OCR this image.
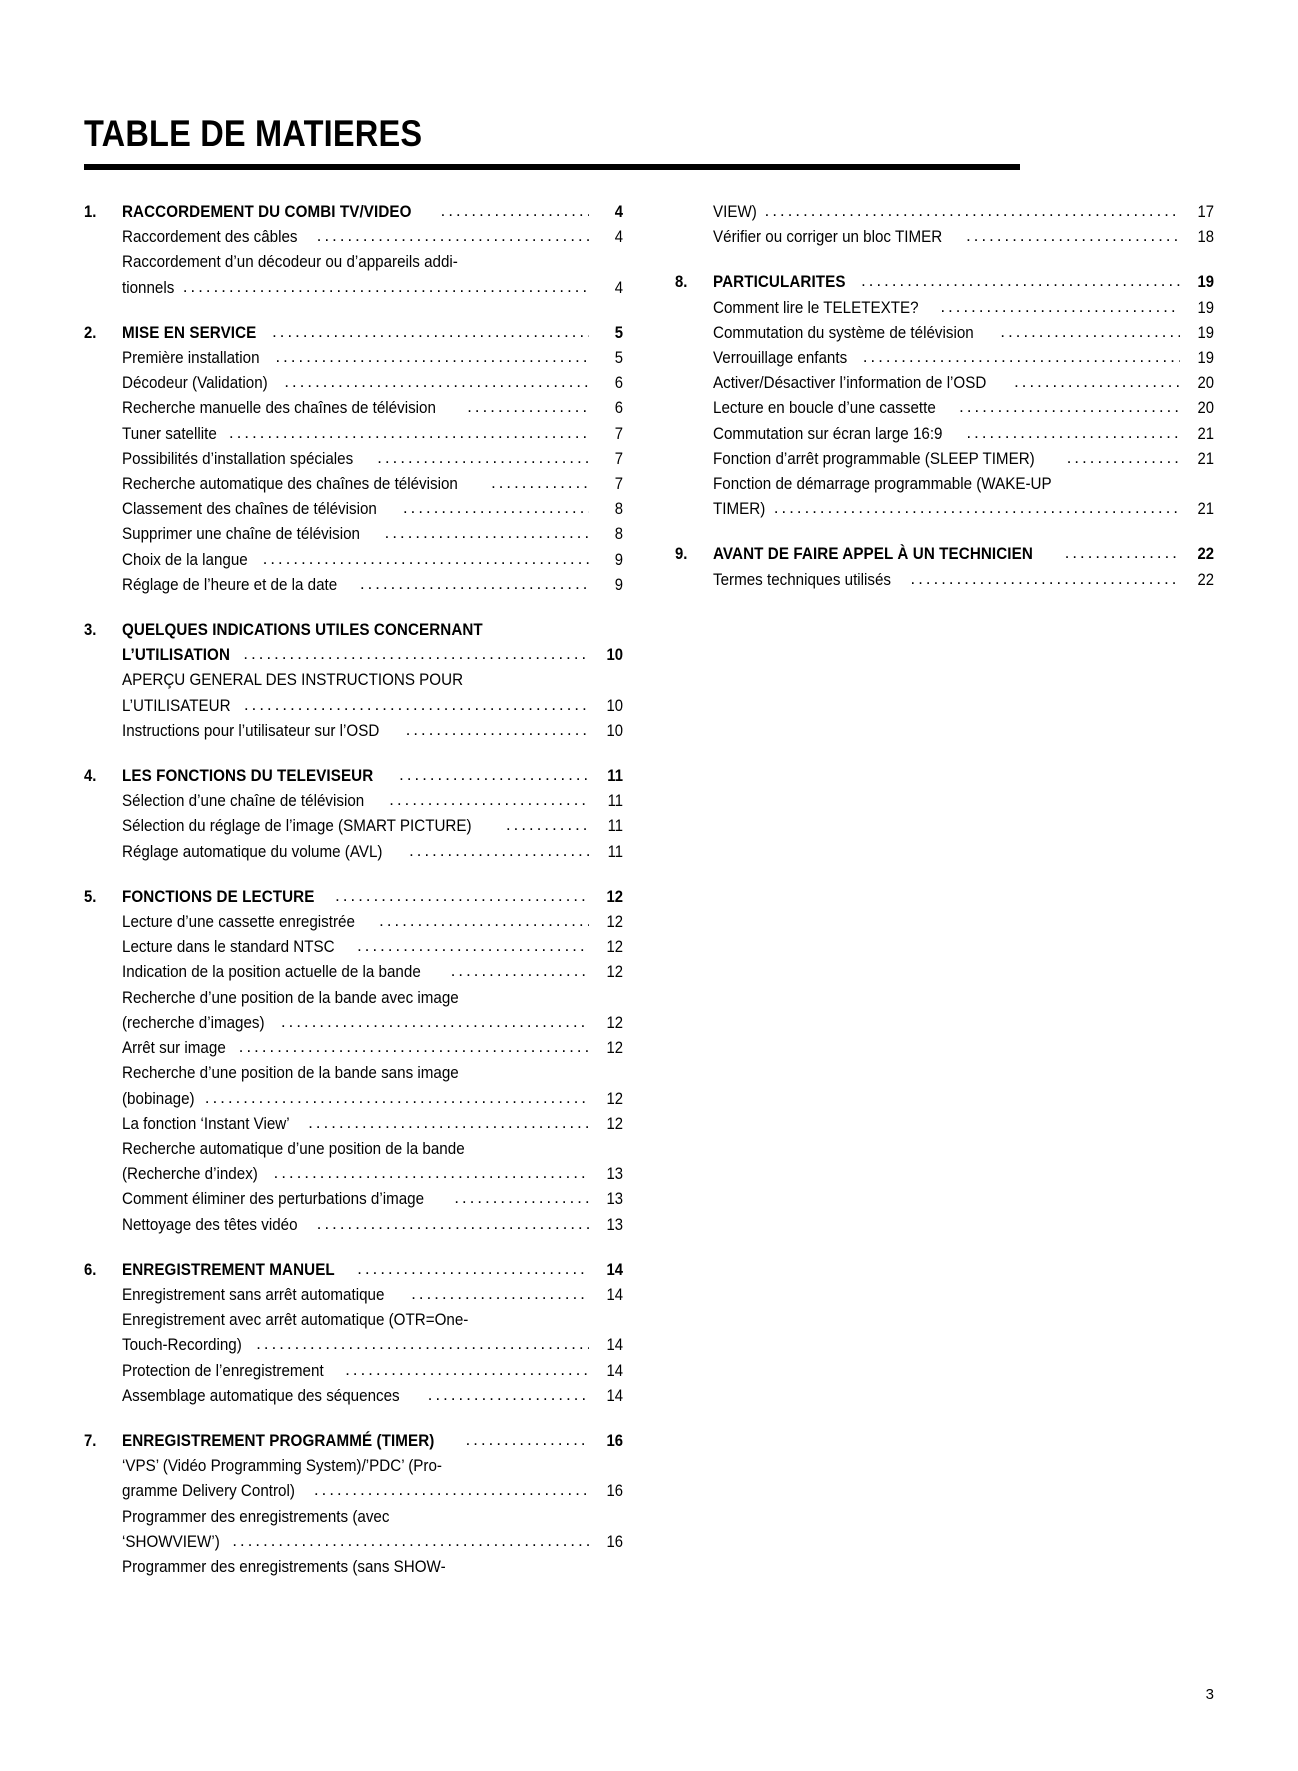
TABLE DE MATIERES
1.	RACCORDEMENT DU COMBI TV/VIDEO .....	4
Raccordement des câbles .....	4
Raccordement d’un décodeur ou d’appareils addi-
tionnels .....	4
2.	MISE EN SERVICE .....	5
Première installation .....	5
Décodeur (Validation) .....	6
Recherche manuelle des chaînes de télévision .....	6
Tuner satellite .....	7
Possibilités d’installation spéciales .....	7
Recherche automatique des chaînes de télévision .....	7
Classement des chaînes de télévision .....	8
Supprimer une chaîne de télévision .....	8
Choix de la langue .....	9
Réglage de l’heure et de la date .....	9
3.	QUELQUES INDICATIONS UTILES CONCERNANT
L’UTILISATION .....	10
APERÇU GENERAL DES INSTRUCTIONS POUR
L’UTILISATEUR .....	10
Instructions pour l’utilisateur sur l’OSD .....	10
4.	LES FONCTIONS DU TELEVISEUR .....	11
Sélection d’une chaîne de télévision .....	11
Sélection du réglage de l’image (SMART PICTURE) .....	11
Réglage automatique du volume (AVL) .....	11
5.	FONCTIONS DE LECTURE .....	12
Lecture d’une cassette enregistrée .....	12
Lecture dans le standard NTSC .....	12
Indication de la position actuelle de la bande .....	12
Recherche d’une position de la bande avec image
(recherche d’images) .....	12
Arrêt sur image .....	12
Recherche d’une position de la bande sans image
(bobinage) .....	12
La fonction ‘Instant View’ .....	12
Recherche automatique d’une position de la bande
(Recherche d’index) .....	13
Comment éliminer des perturbations d’image .....	13
Nettoyage des têtes vidéo .....	13
6.	ENREGISTREMENT MANUEL .....	14
Enregistrement sans arrêt automatique .....	14
Enregistrement avec arrêt automatique (OTR=One-
Touch-Recording) .....	14
Protection de l’enregistrement .....	14
Assemblage automatique des séquences .....	14
7.	ENREGISTREMENT PROGRAMMÉ (TIMER) .....	16
‘VPS’ (Vidéo Programming System)/’PDC’ (Pro-
gramme Delivery Control) .....	16
Programmer des enregistrements (avec
‘SHOWVIEW’) .....	16
Programmer des enregistrements (sans SHOW-
VIEW) .....	17
Vérifier ou corriger un bloc TIMER .....	18
8.	PARTICULARITES .....	19
Comment lire le TELETEXTE? .....	19
Commutation du système de télévision .....	19
Verrouillage enfants .....	19
Activer/Désactiver l’information de l’OSD .....	20
Lecture en boucle d’une cassette .....	20
Commutation sur écran large 16:9 .....	21
Fonction d’arrêt programmable (SLEEP TIMER) .....	21
Fonction de démarrage programmable (WAKE-UP
TIMER) .....	21
9.	AVANT DE FAIRE APPEL À UN TECHNICIEN .....	22
Termes techniques utilisés .....	22
3
